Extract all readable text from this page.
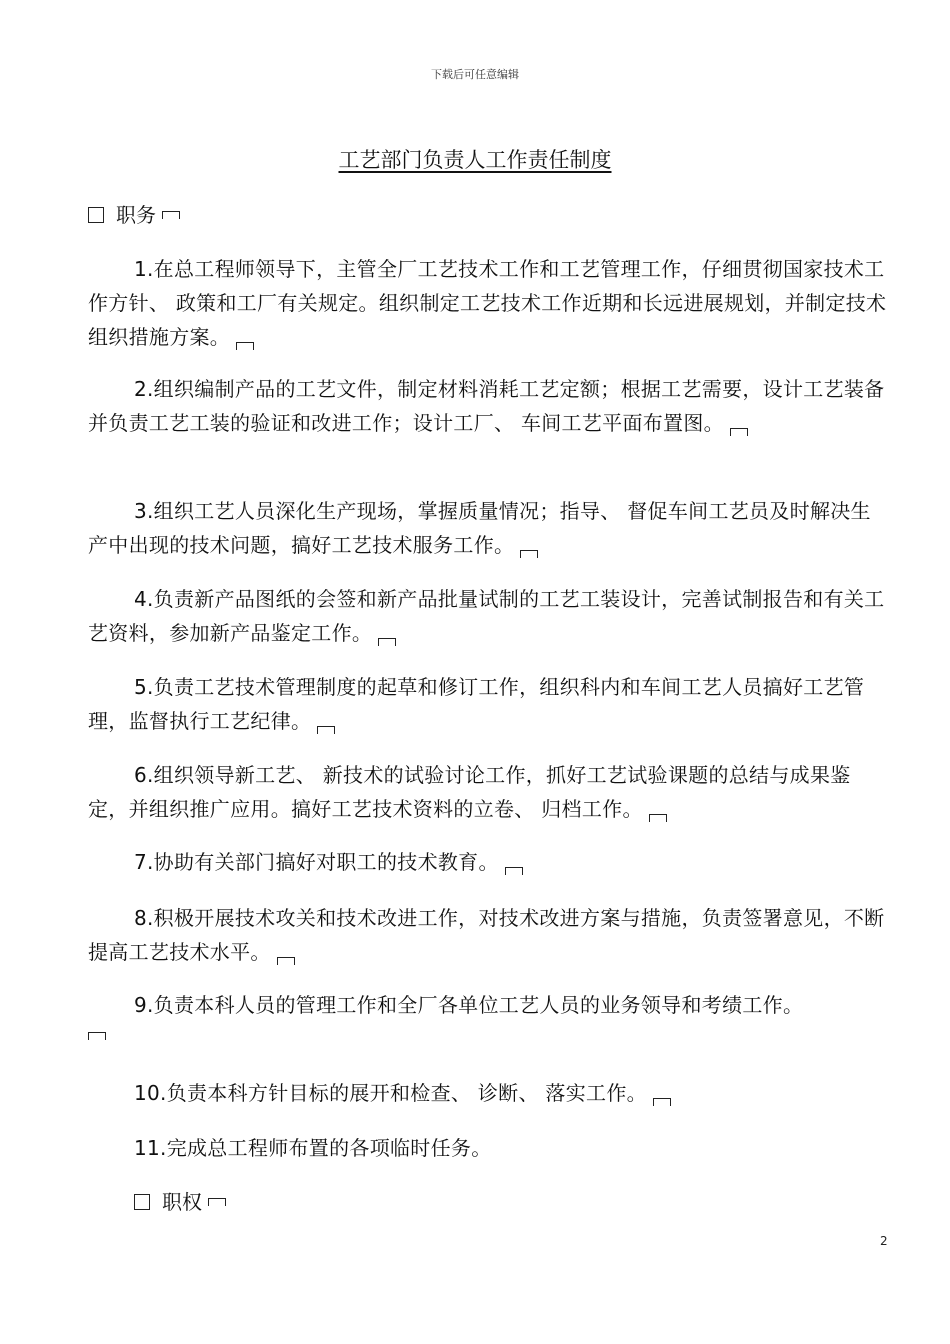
下载后可任意编辑
工艺部门负责人工作责任制度
职务

1.在总工程师领导下，主管全厂工艺技术工作和工艺管理工作，仔细贯彻国家技术工作方针、 政策和工厂有关规定。组织制定工艺技术工作近期和长远进展规划，并制定技术组织措施方案。

2.组织编制产品的工艺文件，制定材料消耗工艺定额；根据工艺需要，设计工艺装备并负责工艺工装的验证和改进工作；设计工厂、 车间工艺平面布置图。

3.组织工艺人员深化生产现场，掌握质量情况；指导、 督促车间工艺员及时解决生产中出现的技术问题，搞好工艺技术服务工作。

4.负责新产品图纸的会签和新产品批量试制的工艺工装设计，完善试制报告和有关工艺资料，参加新产品鉴定工作。

5.负责工艺技术管理制度的起草和修订工作，组织科内和车间工艺人员搞好工艺管理，监督执行工艺纪律。

6.组织领导新工艺、 新技术的试验讨论工作，抓好工艺试验课题的总结与成果鉴定，并组织推广应用。搞好工艺技术资料的立卷、 归档工作。

7.协助有关部门搞好对职工的技术教育。

8.积极开展技术攻关和技术改进工作，对技术改进方案与措施，负责签署意见，不断提高工艺技术水平。

9.负责本科人员的管理工作和全厂各单位工艺人员的业务领导和考绩工作。

10.负责本科方针目标的展开和检查、 诊断、 落实工作。

11.完成总工程师布置的各项临时任务。

职权
2
